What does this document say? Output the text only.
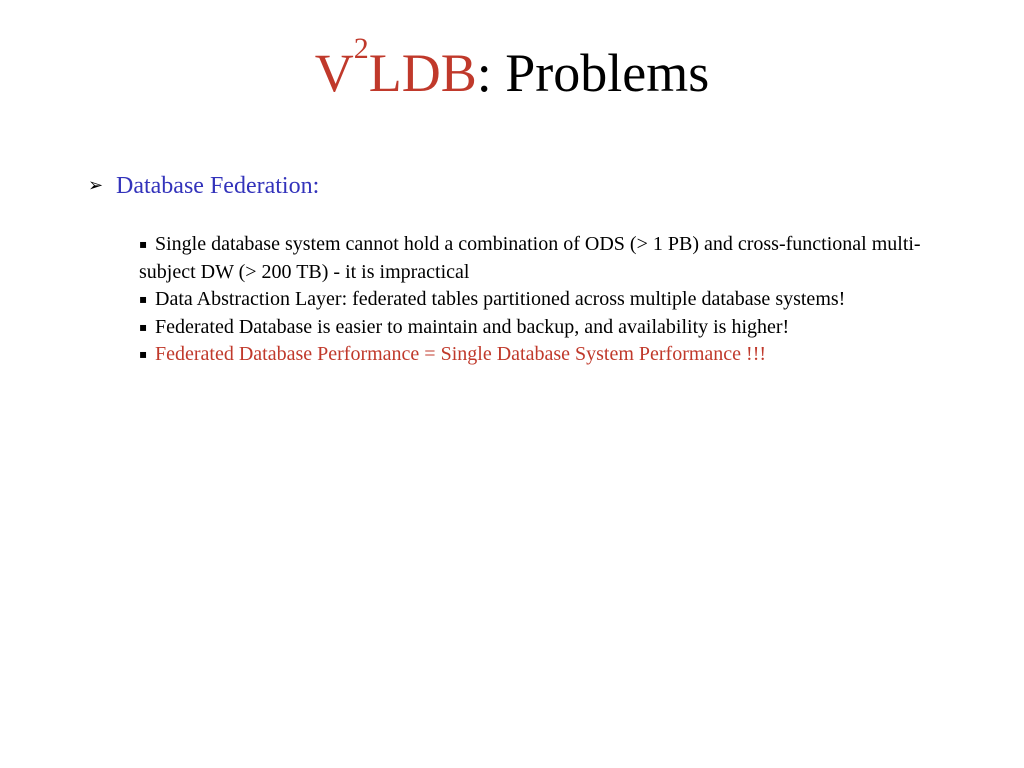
$V^2LDB$: Problems
➢ Database Federation:

▪ Single database system cannot hold a combination of ODS (> 1 PB) and cross-functional multi-subject DW (> 200 TB) - it is impractical

▪ Data Abstraction Layer: federated tables partitioned across multiple database systems!

▪ Federated Database is easier to maintain and backup, and availability is higher!

▪ Federated Database Performance = Single Database System Performance !!!
